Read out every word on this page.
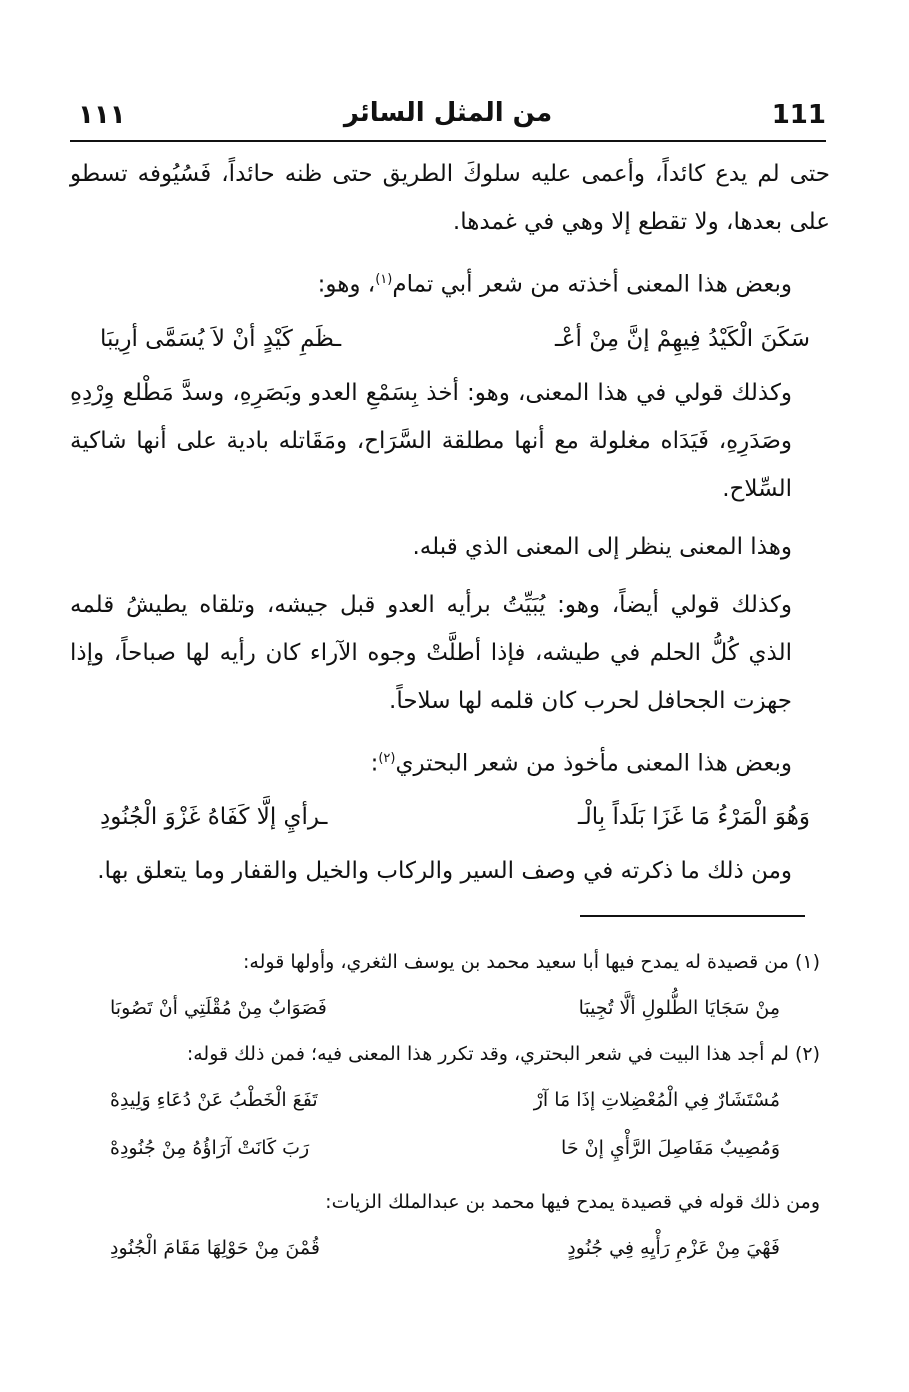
111
من المثل السائر
١١١

حتى لم يدع كائداً، وأعمى عليه سلوكَ الطريق حتى ظنه حائداً، فَسُيُوفه تسطو على بعدها، ولا تقطع إلا وهي في غمدها.

وبعض هذا المعنى أخذته من شعر أبي تمام$^{(١)}$، وهو:

سَكَنَ الْكَيْدُ فِيهِمْ إنَّ مِنْ أعْـ
ـظَمِ كَيْدٍ أنْ لاَ يُسَمَّى أرِيبَا

وكذلك قولي في هذا المعنى، وهو: أخذ بِسَمْعِ العدو وبَصَرِهِ، وسدَّ مَطْلع وِرْدِهِ وصَدَرِهِ، فَيَدَاه مغلولة مع أنها مطلقة السَّرَاح، ومَقَاتله بادية على أنها شاكية السِّلاح.

وهذا المعنى ينظر إلى المعنى الذي قبله.

وكذلك قولي أيضاً، وهو: يُبَيِّتُ برأيه العدو قبل جيشه، وتلقاه يطيشُ قلمه الذي كُلُّ الحلم في طيشه، فإذا أطلَّتْ وجوه الآراء كان رأيه لها صباحاً، وإذا جهزت الجحافل لحرب كان قلمه لها سلاحاً.

وبعض هذا المعنى مأخوذ من شعر البحتري$^{(٢)}$:

وَهُوَ الْمَرْءُ مَا غَزَا بَلَداً بِالْـ
ـرأيِ إلَّا كَفَاهُ غَزْوَ الْجُنُودِ

ومن ذلك ما ذكرته في وصف السير والركاب والخيل والقفار وما يتعلق بها.

(١) من قصيدة له يمدح فيها أبا سعيد محمد بن يوسف الثغري، وأولها قوله:
مِنْ سَجَايَا الطُّلولِ ألَّا تُجِيبَا
فَصَوَابٌ مِنْ مُقْلَتِي أنْ تَصُوبَا
(٢) لم أجد هذا البيت في شعر البحتري، وقد تكرر هذا المعنى فيه؛ فمن ذلك قوله:
مُسْتَشَارٌ فِي الْمُعْضِلاتِ إذَا مَا آرْ
تَفَعَ الْخَطْبُ عَنْ دُعَاءِ وَلِيدِهْ
وَمُصِيبٌ مَفَاصِلَ الرَّأْيِ إنْ حَا
رَبَ كَانَتْ آرَاؤُهُ مِنْ جُنُودِهْ
ومن ذلك قوله في قصيدة يمدح فيها محمد بن عبدالملك الزيات:
فَهْيَ مِنْ عَزْمِ رَأْيِهِ فِي جُنُودٍ
قُمْنَ مِنْ حَوْلِهَا مَقَامَ الْجُنُودِ
